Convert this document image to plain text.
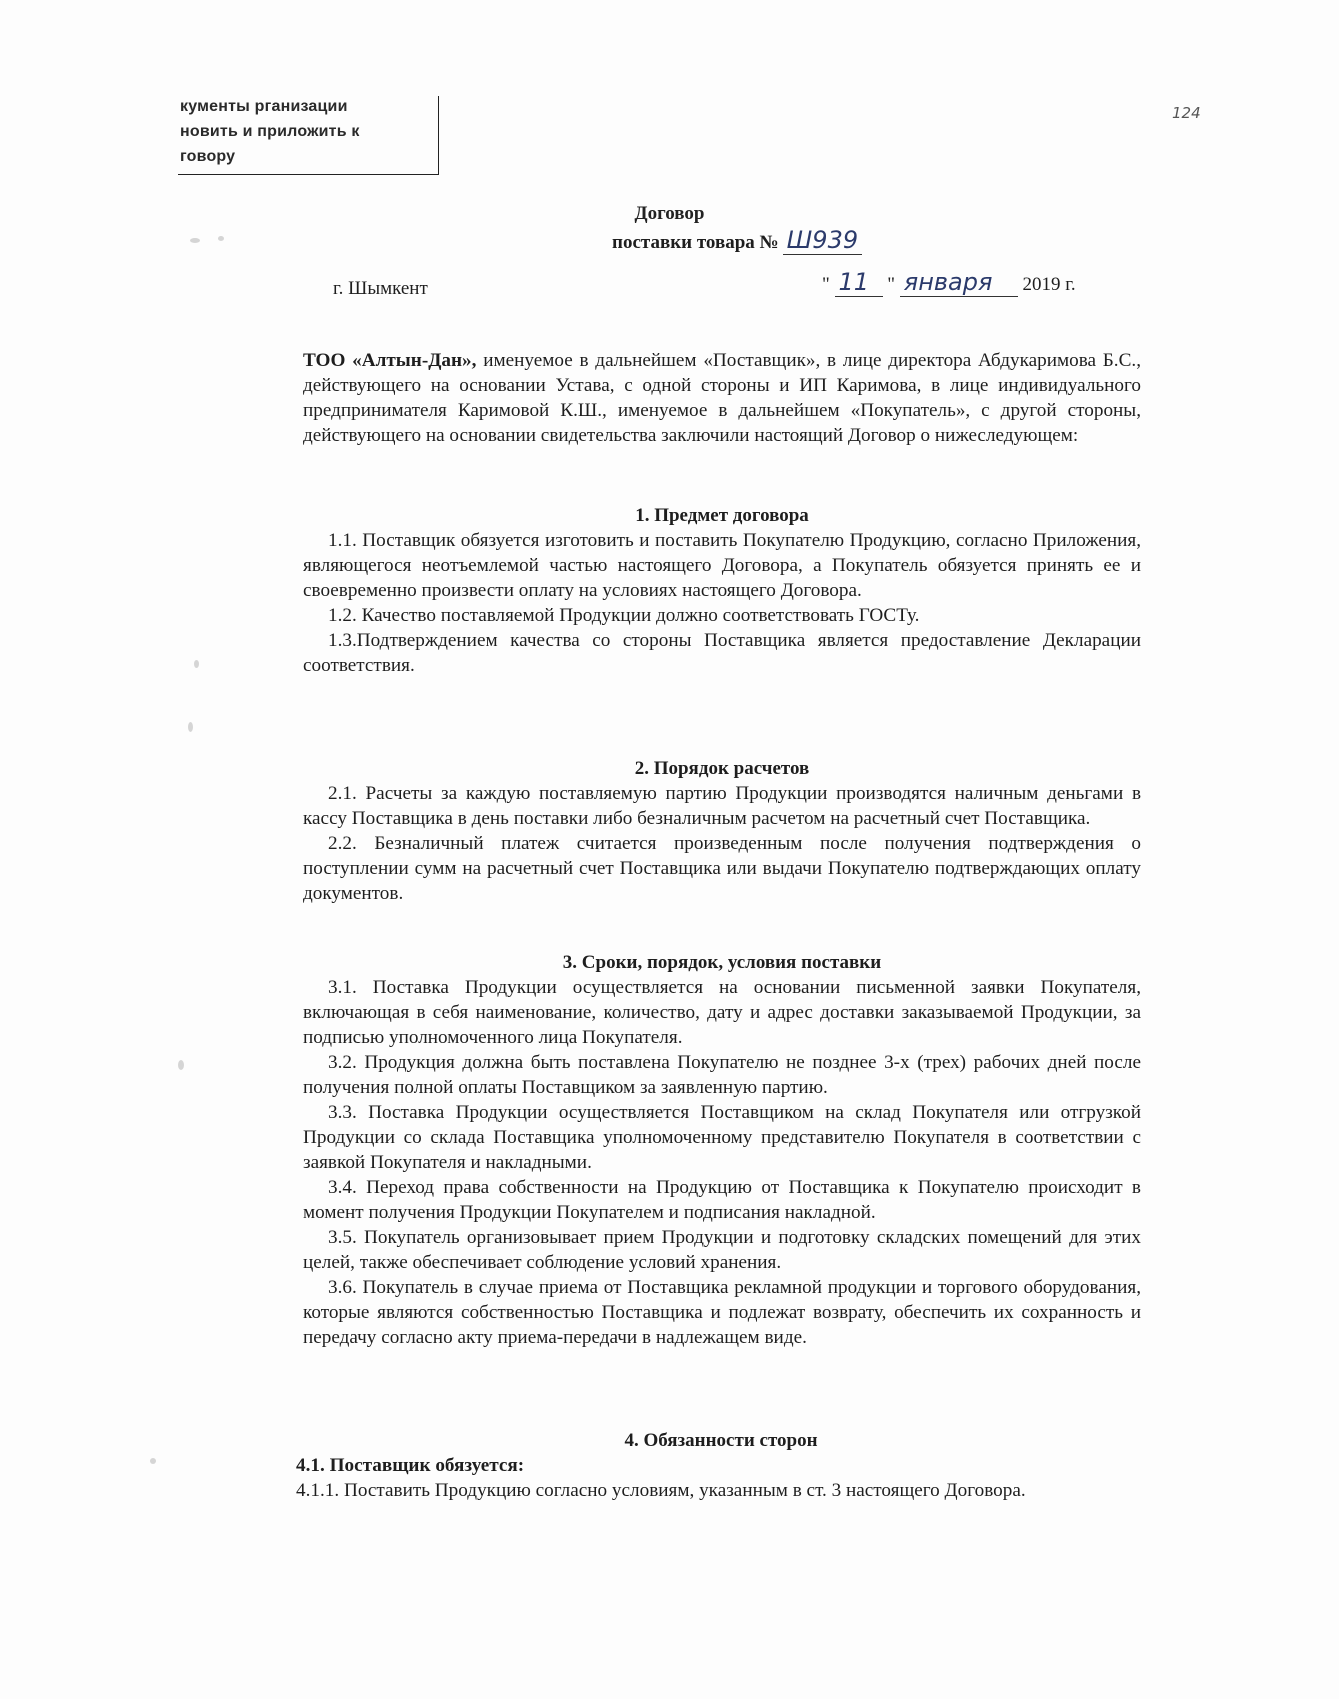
кументы рганизации
новить и приложить к
говору
124
Договор
поставки товара № Ш939
г. Шымкент	" 11 " января 2019 г.

ТОО «Алтын-Дан», именуемое в дальнейшем «Поставщик», в лице директора Абдукаримова Б.С., действующего на основании Устава, с одной стороны и ИП Каримова, в лице индивидуального предпринимателя Каримовой К.Ш., именуемое в дальнейшем «Покупатель», с другой стороны, действующего на основании свидетельства заключили настоящий Договор о нижеследующем:

1. Предмет договора

1.1. Поставщик обязуется изготовить и поставить Покупателю Продукцию, согласно Приложения, являющегося неотъемлемой частью настоящего Договора, а Покупатель обязуется принять ее и своевременно произвести оплату на условиях настоящего Договора.

1.2. Качество поставляемой Продукции должно соответствовать ГОСТу.

1.3.Подтверждением качества со стороны Поставщика является предоставление Декларации соответствия.

2. Порядок расчетов

2.1. Расчеты за каждую поставляемую партию Продукции производятся наличным деньгами в кассу Поставщика в день поставки либо безналичным расчетом на расчетный счет Поставщика.

2.2. Безналичный платеж считается произведенным после получения подтверждения о поступлении сумм на расчетный счет Поставщика или выдачи Покупателю подтверждающих оплату документов.

3. Сроки, порядок, условия поставки

3.1. Поставка Продукции осуществляется на основании письменной заявки Покупателя, включающая в себя наименование, количество, дату и адрес доставки заказываемой Продукции, за подписью уполномоченного лица Покупателя.

3.2. Продукция должна быть поставлена Покупателю не позднее 3-х (трех) рабочих дней после получения полной оплаты Поставщиком за заявленную партию.

3.3. Поставка Продукции осуществляется Поставщиком на склад Покупателя или отгрузкой Продукции со склада Поставщика уполномоченному представителю Покупателя в соответствии с заявкой Покупателя и накладными.

3.4. Переход права собственности на Продукцию от Поставщика к Покупателю происходит в момент получения Продукции Покупателем и подписания накладной.

3.5. Покупатель организовывает прием Продукции и подготовку складских помещений для этих целей, также обеспечивает соблюдение условий хранения.

3.6. Покупатель в случае приема от Поставщика рекламной продукции и торгового оборудования, которые являются собственностью Поставщика и подлежат возврату, обеспечить их сохранность и передачу согласно акту приема-передачи в надлежащем виде.

4. Обязанности сторон

4.1. Поставщик обязуется:

4.1.1. Поставить Продукцию согласно условиям, указанным в ст. 3 настоящего Договора.
